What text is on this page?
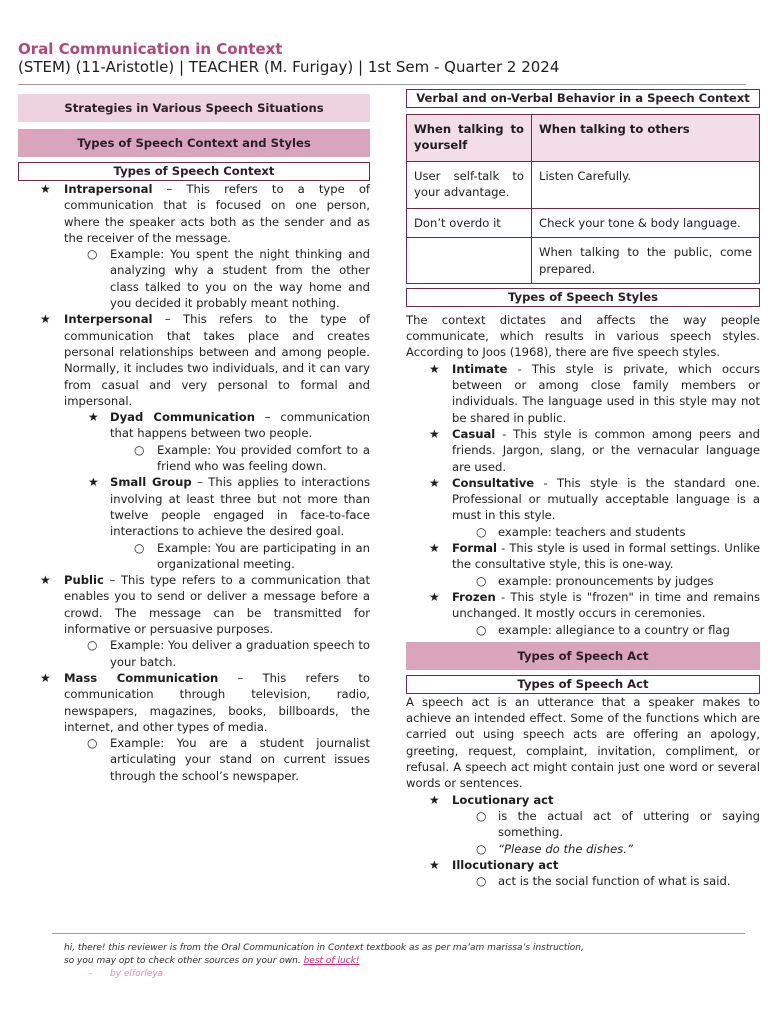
Oral Communication in Context
(STEM) (11-Aristotle) | TEACHER (M. Furigay) | 1st Sem - Quarter 2 2024
Strategies in Various Speech Situations
Types of Speech Context and Styles
Types of Speech Context
★ Intrapersonal – This refers to a type of communication that is focused on one person, where the speaker acts both as the sender and as the receiver of the message.
○ Example: You spent the night thinking and analyzing why a student from the other class talked to you on the way home and you decided it probably meant nothing.
★ Interpersonal – This refers to the type of communication that takes place and creates personal relationships between and among people. Normally, it includes two individuals, and it can vary from casual and very personal to formal and impersonal.
★ Dyad Communication – communication that happens between two people.
○ Example: You provided comfort to a friend who was feeling down.
★ Small Group – This applies to interactions involving at least three but not more than twelve people engaged in face-to-face interactions to achieve the desired goal.
○ Example: You are participating in an organizational meeting.
★ Public – This type refers to a communication that enables you to send or deliver a message before a crowd. The message can be transmitted for informative or persuasive purposes.
○ Example: You deliver a graduation speech to your batch.
★ Mass Communication – This refers to communication through television, radio, newspapers, magazines, books, billboards, the internet, and other types of media.
○ Example: You are a student journalist articulating your stand on current issues through the school’s newspaper.
Verbal and on-Verbal Behavior in a Speech Context
When talking to yourself	When talking to others
User self-talk to your advantage.	Listen Carefully.
Don’t overdo it	Check your tone & body language.
	When talking to the public, come prepared.
Types of Speech Styles
The context dictates and affects the way people communicate, which results in various speech styles. According to Joos (1968), there are five speech styles.
★ Intimate - This style is private, which occurs between or among close family members or individuals. The language used in this style may not be shared in public.
★ Casual - This style is common among peers and friends. Jargon, slang, or the vernacular language are used.
★ Consultative - This style is the standard one. Professional or mutually acceptable language is a must in this style.
○ example: teachers and students
★ Formal - This style is used in formal settings. Unlike the consultative style, this is one-way.
○ example: pronouncements by judges
★ Frozen - This style is "frozen" in time and remains unchanged. It mostly occurs in ceremonies.
○ example: allegiance to a country or flag
Types of Speech Act
Types of Speech Act
A speech act is an utterance that a speaker makes to achieve an intended effect. Some of the functions which are carried out using speech acts are offering an apology, greeting, request, complaint, invitation, compliment, or refusal. A speech act might contain just one word or several words or sentences.
★ Locutionary act
○ is the actual act of uttering or saying something.
○ “Please do the dishes.”
★ Illocutionary act
○ act is the social function of what is said.
hi, there! this reviewer is from the Oral Communication in Context textbook as as per ma’am marissa’s instruction,
so you may opt to check other sources on your own. best of luck!
– by elforleya
